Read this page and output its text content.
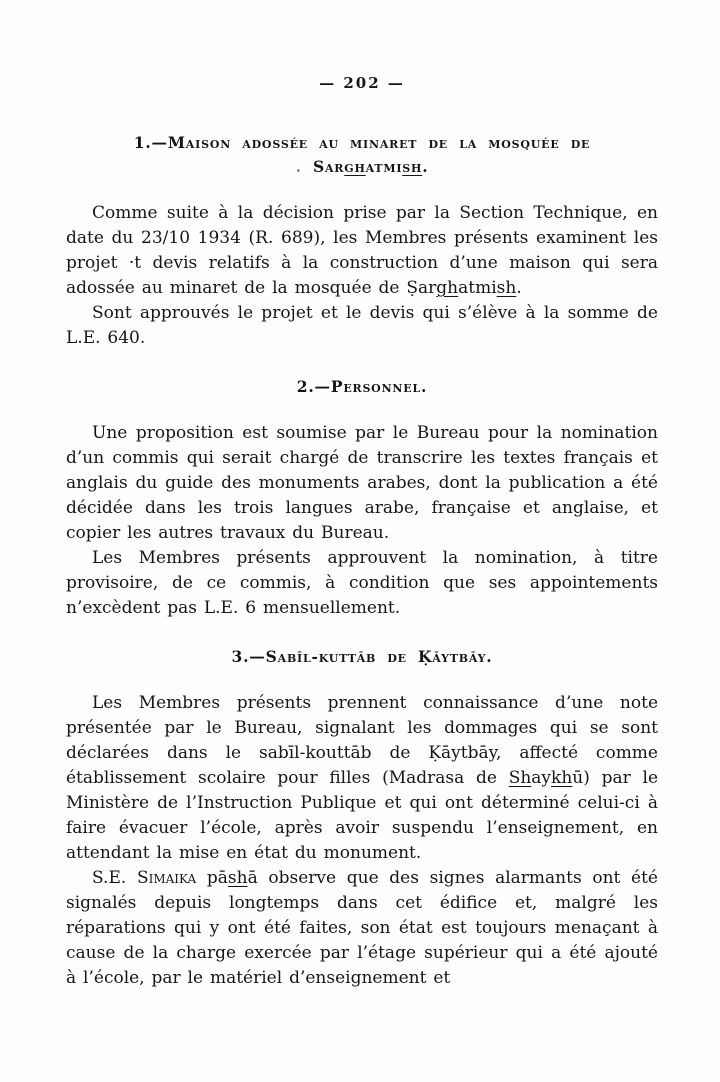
— 202 —

1.—Maison adossée au minaret de la mosquée de
. Sarghatmish.

Comme suite à la décision prise par la Section Technique, en date du 23/10 1934 (R. 689), les Membres présents examinent les projet ·t devis relatifs à la construction d’une maison qui sera adossée au minaret de la mosquée de Ṣarghatmish.

Sont approuvés le projet et le devis qui s’élève à la somme de L.E. 640.

2.—Personnel.

Une proposition est soumise par le Bureau pour la nomination d’un commis qui serait chargé de transcrire les textes français et anglais du guide des monuments arabes, dont la publication a été décidée dans les trois langues arabe, française et anglaise, et copier les autres travaux du Bureau.

Les Membres présents approuvent la nomination, à titre provisoire, de ce commis, à condition que ses appointements n’excèdent pas L.E. 6 mensuellement.

3.—Sabīl-kuttāb de Ḳāytbāy.

Les Membres présents prennent connaissance d’une note présentée par le Bureau, signalant les dommages qui se sont déclarées dans le sabīl-kouttāb de Ḳāytbāy, affecté comme établissement scolaire pour filles (Madrasa de Shaykhū) par le Ministère de l’Instruction Publique et qui ont déterminé celui-ci à faire évacuer l’école, après avoir suspendu l’enseignement, en attendant la mise en état du monument.

S.E. Simaika pāshā observe que des signes alarmants ont été signalés depuis longtemps dans cet édifice et, malgré les réparations qui y ont été faites, son état est toujours menaçant à cause de la charge exercée par l’étage supérieur qui a été ajouté à l’école, par le matériel d’enseignement et
